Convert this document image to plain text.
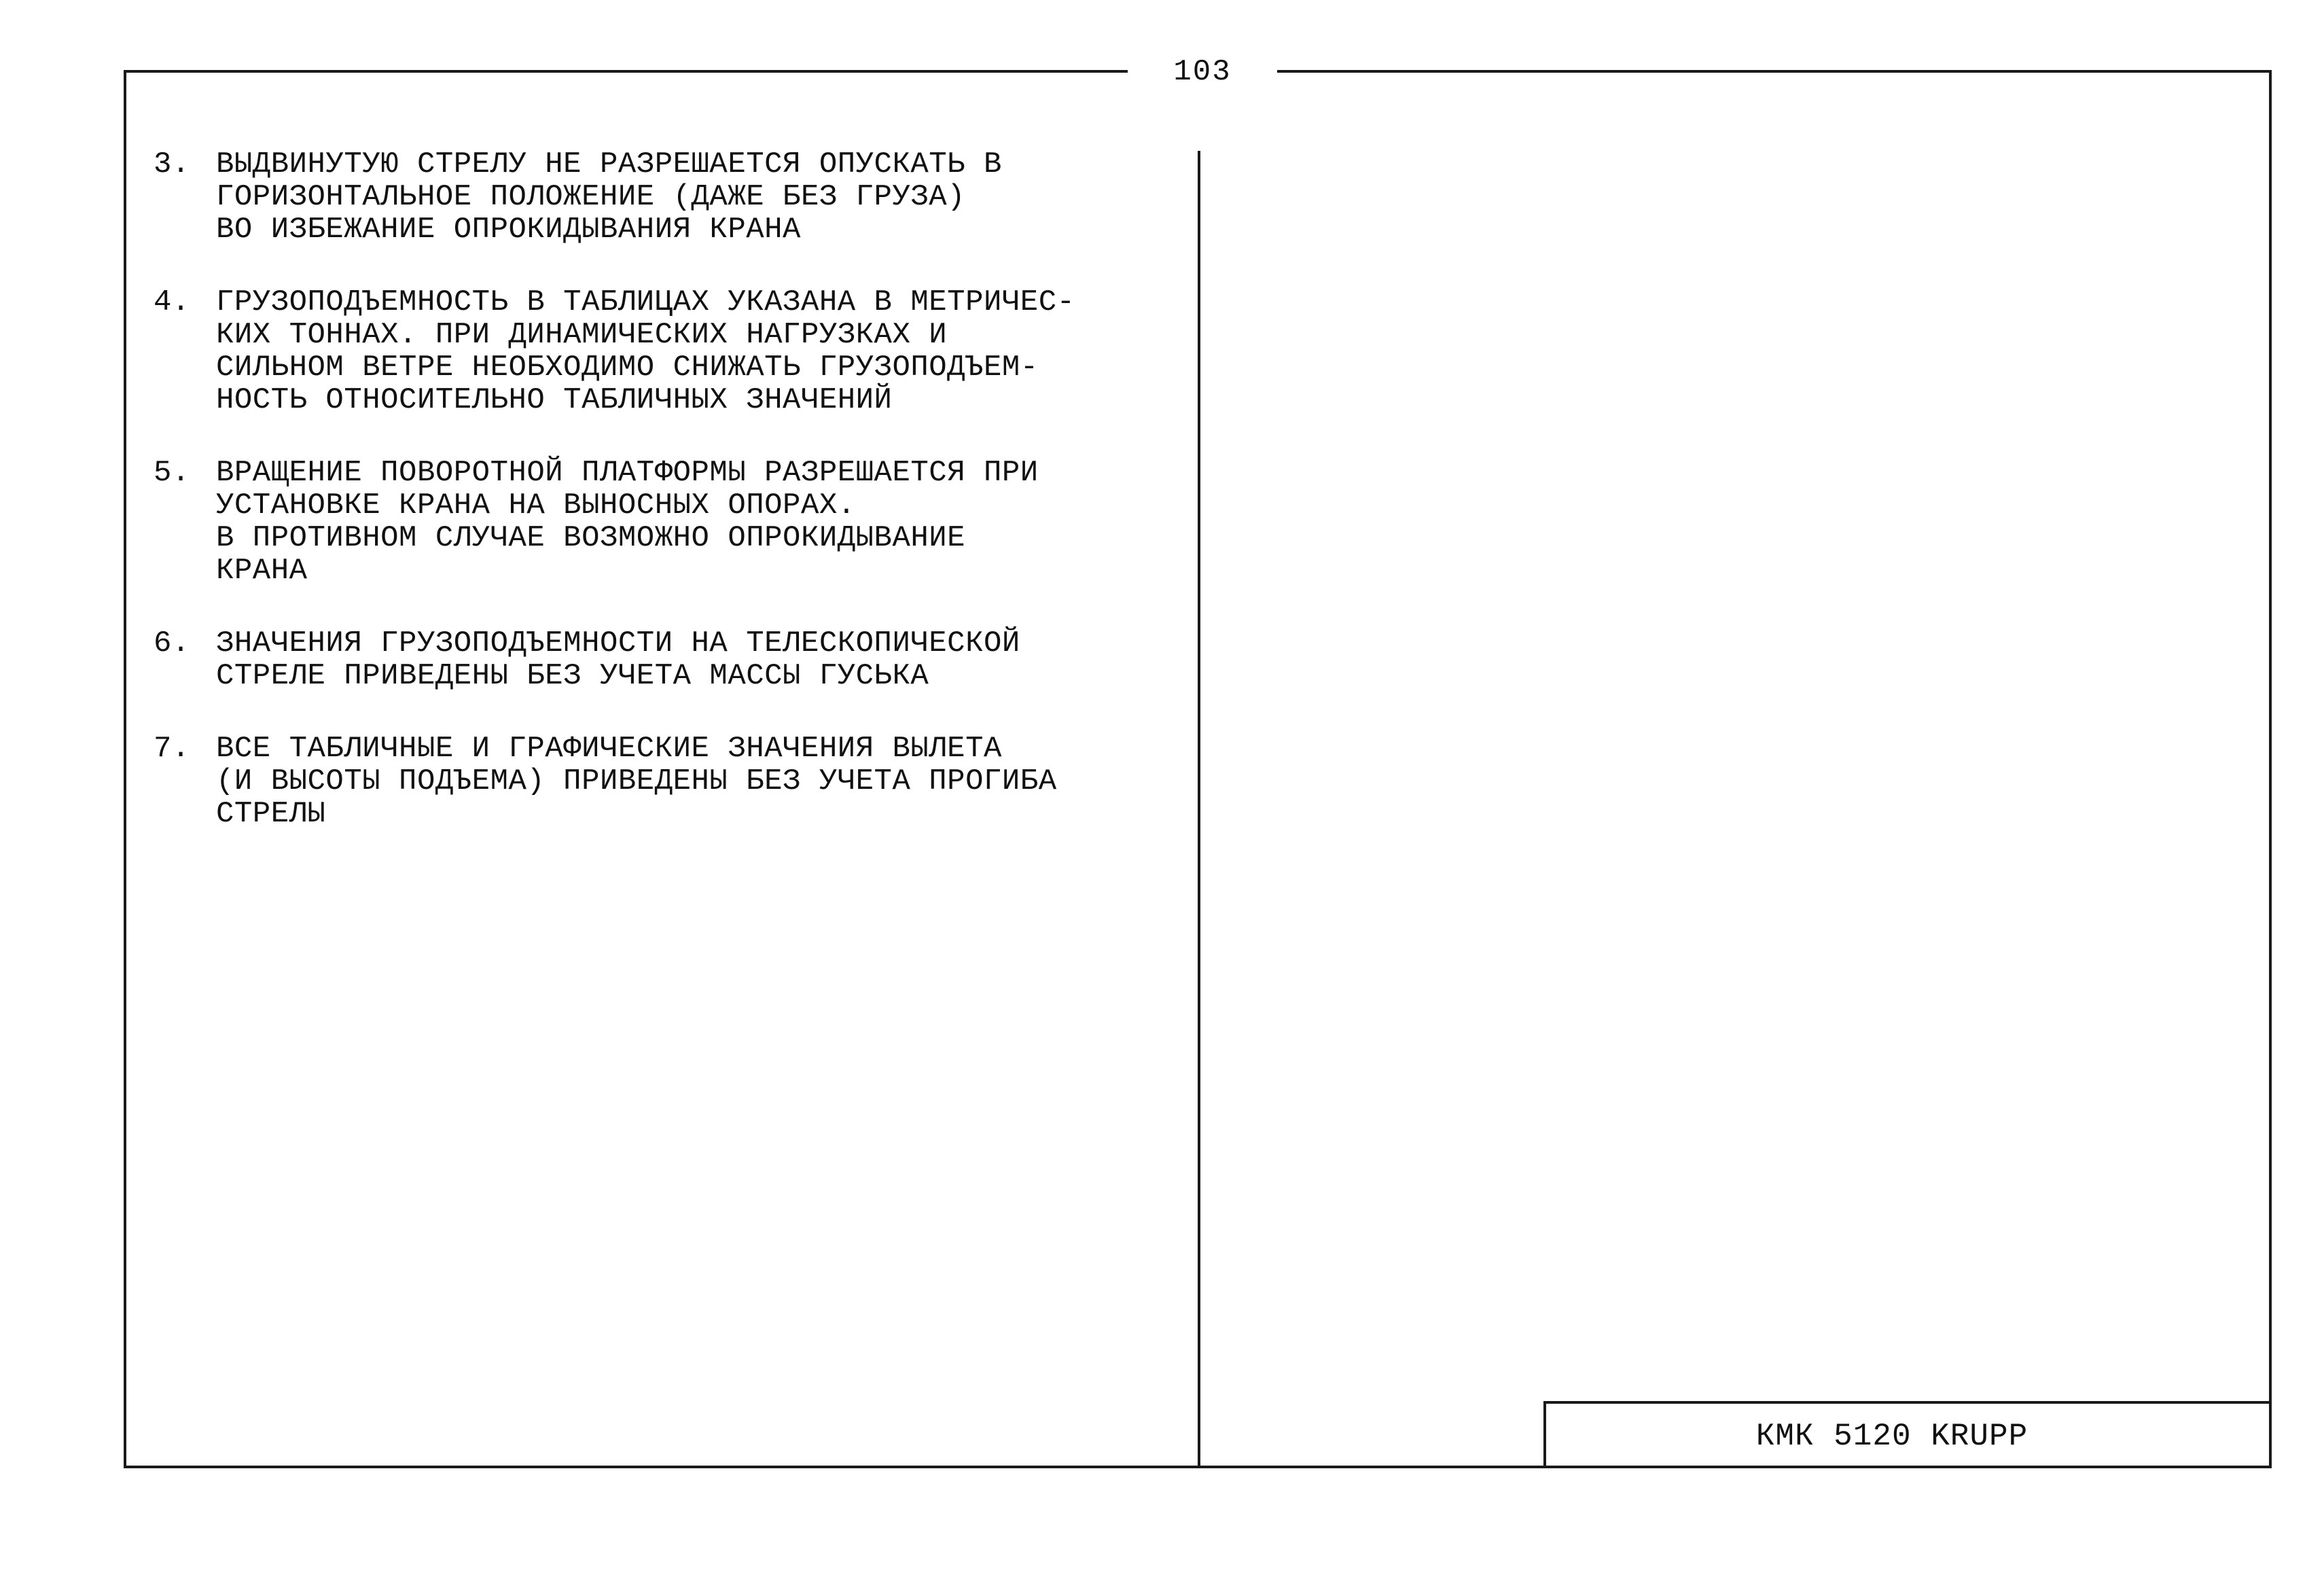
103
3. ВЫДВИНУТУЮ СТРЕЛУ НЕ РАЗРЕШАЕТСЯ ОПУСКАТЬ В
ГОРИЗОНТАЛЬНОЕ ПОЛОЖЕНИЕ (ДАЖЕ БЕЗ ГРУЗА)
ВО ИЗБЕЖАНИЕ ОПРОКИДЫВАНИЯ КРАНА
4. ГРУЗОПОДЪЕМНОСТЬ В ТАБЛИЦАХ УКАЗАНА В МЕТРИЧЕС-
КИХ ТОННАХ. ПРИ ДИНАМИЧЕСКИХ НАГРУЗКАХ И
СИЛЬНОМ ВЕТРЕ НЕОБХОДИМО СНИЖАТЬ ГРУЗОПОДЪЕМ-
НОСТЬ ОТНОСИТЕЛЬНО ТАБЛИЧНЫХ ЗНАЧЕНИЙ
5. ВРАЩЕНИЕ ПОВОРОТНОЙ ПЛАТФОРМЫ РАЗРЕШАЕТСЯ ПРИ
УСТАНОВКЕ КРАНА НА ВЫНОСНЫХ ОПОРАХ.
В ПРОТИВНОМ СЛУЧАЕ ВОЗМОЖНО ОПРОКИДЫВАНИЕ
КРАНА
6. ЗНАЧЕНИЯ ГРУЗОПОДЪЕМНОСТИ НА ТЕЛЕСКОПИЧЕСКОЙ
СТРЕЛЕ ПРИВЕДЕНЫ БЕЗ УЧЕТА МАССЫ ГУСЬКА
7. ВСЕ ТАБЛИЧНЫЕ И ГРАФИЧЕСКИЕ ЗНАЧЕНИЯ ВЫЛЕТА
(И ВЫСОТЫ ПОДЪЕМА) ПРИВЕДЕНЫ БЕЗ УЧЕТА ПРОГИБА
СТРЕЛЫ
КМК 5120 KRUPP
